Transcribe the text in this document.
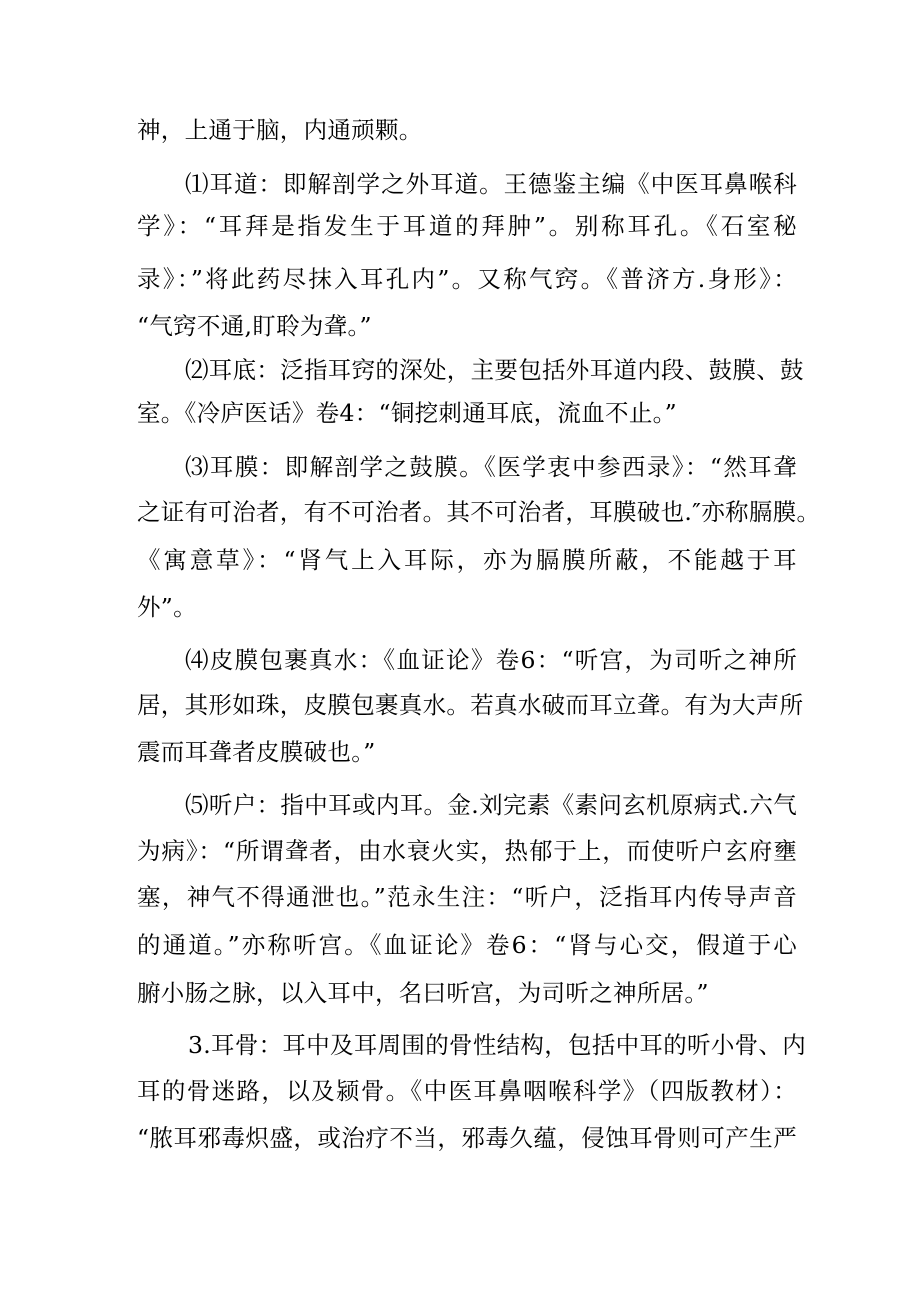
神，上通于脑，内通顽颗。
⑴耳道：即解剖学之外耳道。王德鉴主编《中医耳鼻喉科
学》：“耳拜是指发生于耳道的拜肿”。别称耳孔。《石室秘
录》：”将此药尽抹入耳孔内”。又称气窍。《普济方.身形》：
“气窍不通,盯聆为聋。”
⑵耳底：泛指耳窍的深处，主要包括外耳道内段、鼓膜、鼓
室。《冷庐医话》卷4：“铜挖刺通耳底，流血不止。”
⑶耳膜：即解剖学之鼓膜。《医学衷中参西录》：“然耳聋
之证有可治者，有不可治者。其不可治者，耳膜破也.″亦称膈膜。
《寓意草》：“肾气上入耳际，亦为膈膜所蔽，不能越于耳
外”。
⑷皮膜包裹真水：《血证论》卷6：“听宫，为司听之神所
居，其形如珠，皮膜包裹真水。若真水破而耳立聋。有为大声所
震而耳聋者皮膜破也。”
⑸听户：指中耳或内耳。金.刘完素《素问玄机原病式.六气
为病》：“所谓聋者，由水衰火实，热郁于上，而使听户玄府壅
塞，神气不得通泄也。”范永生注：“听户，泛指耳内传导声音
的通道。”亦称听宫。《血证论》卷6：“肾与心交，假道于心
腑小肠之脉，以入耳中，名曰听宫，为司听之神所居。”
3.耳骨：耳中及耳周围的骨性结构，包括中耳的听小骨、内
耳的骨迷路，以及颍骨。《中医耳鼻咽喉科学》（四版教材）：
“脓耳邪毒炽盛，或治疗不当，邪毒久蕴，侵蚀耳骨则可产生严
